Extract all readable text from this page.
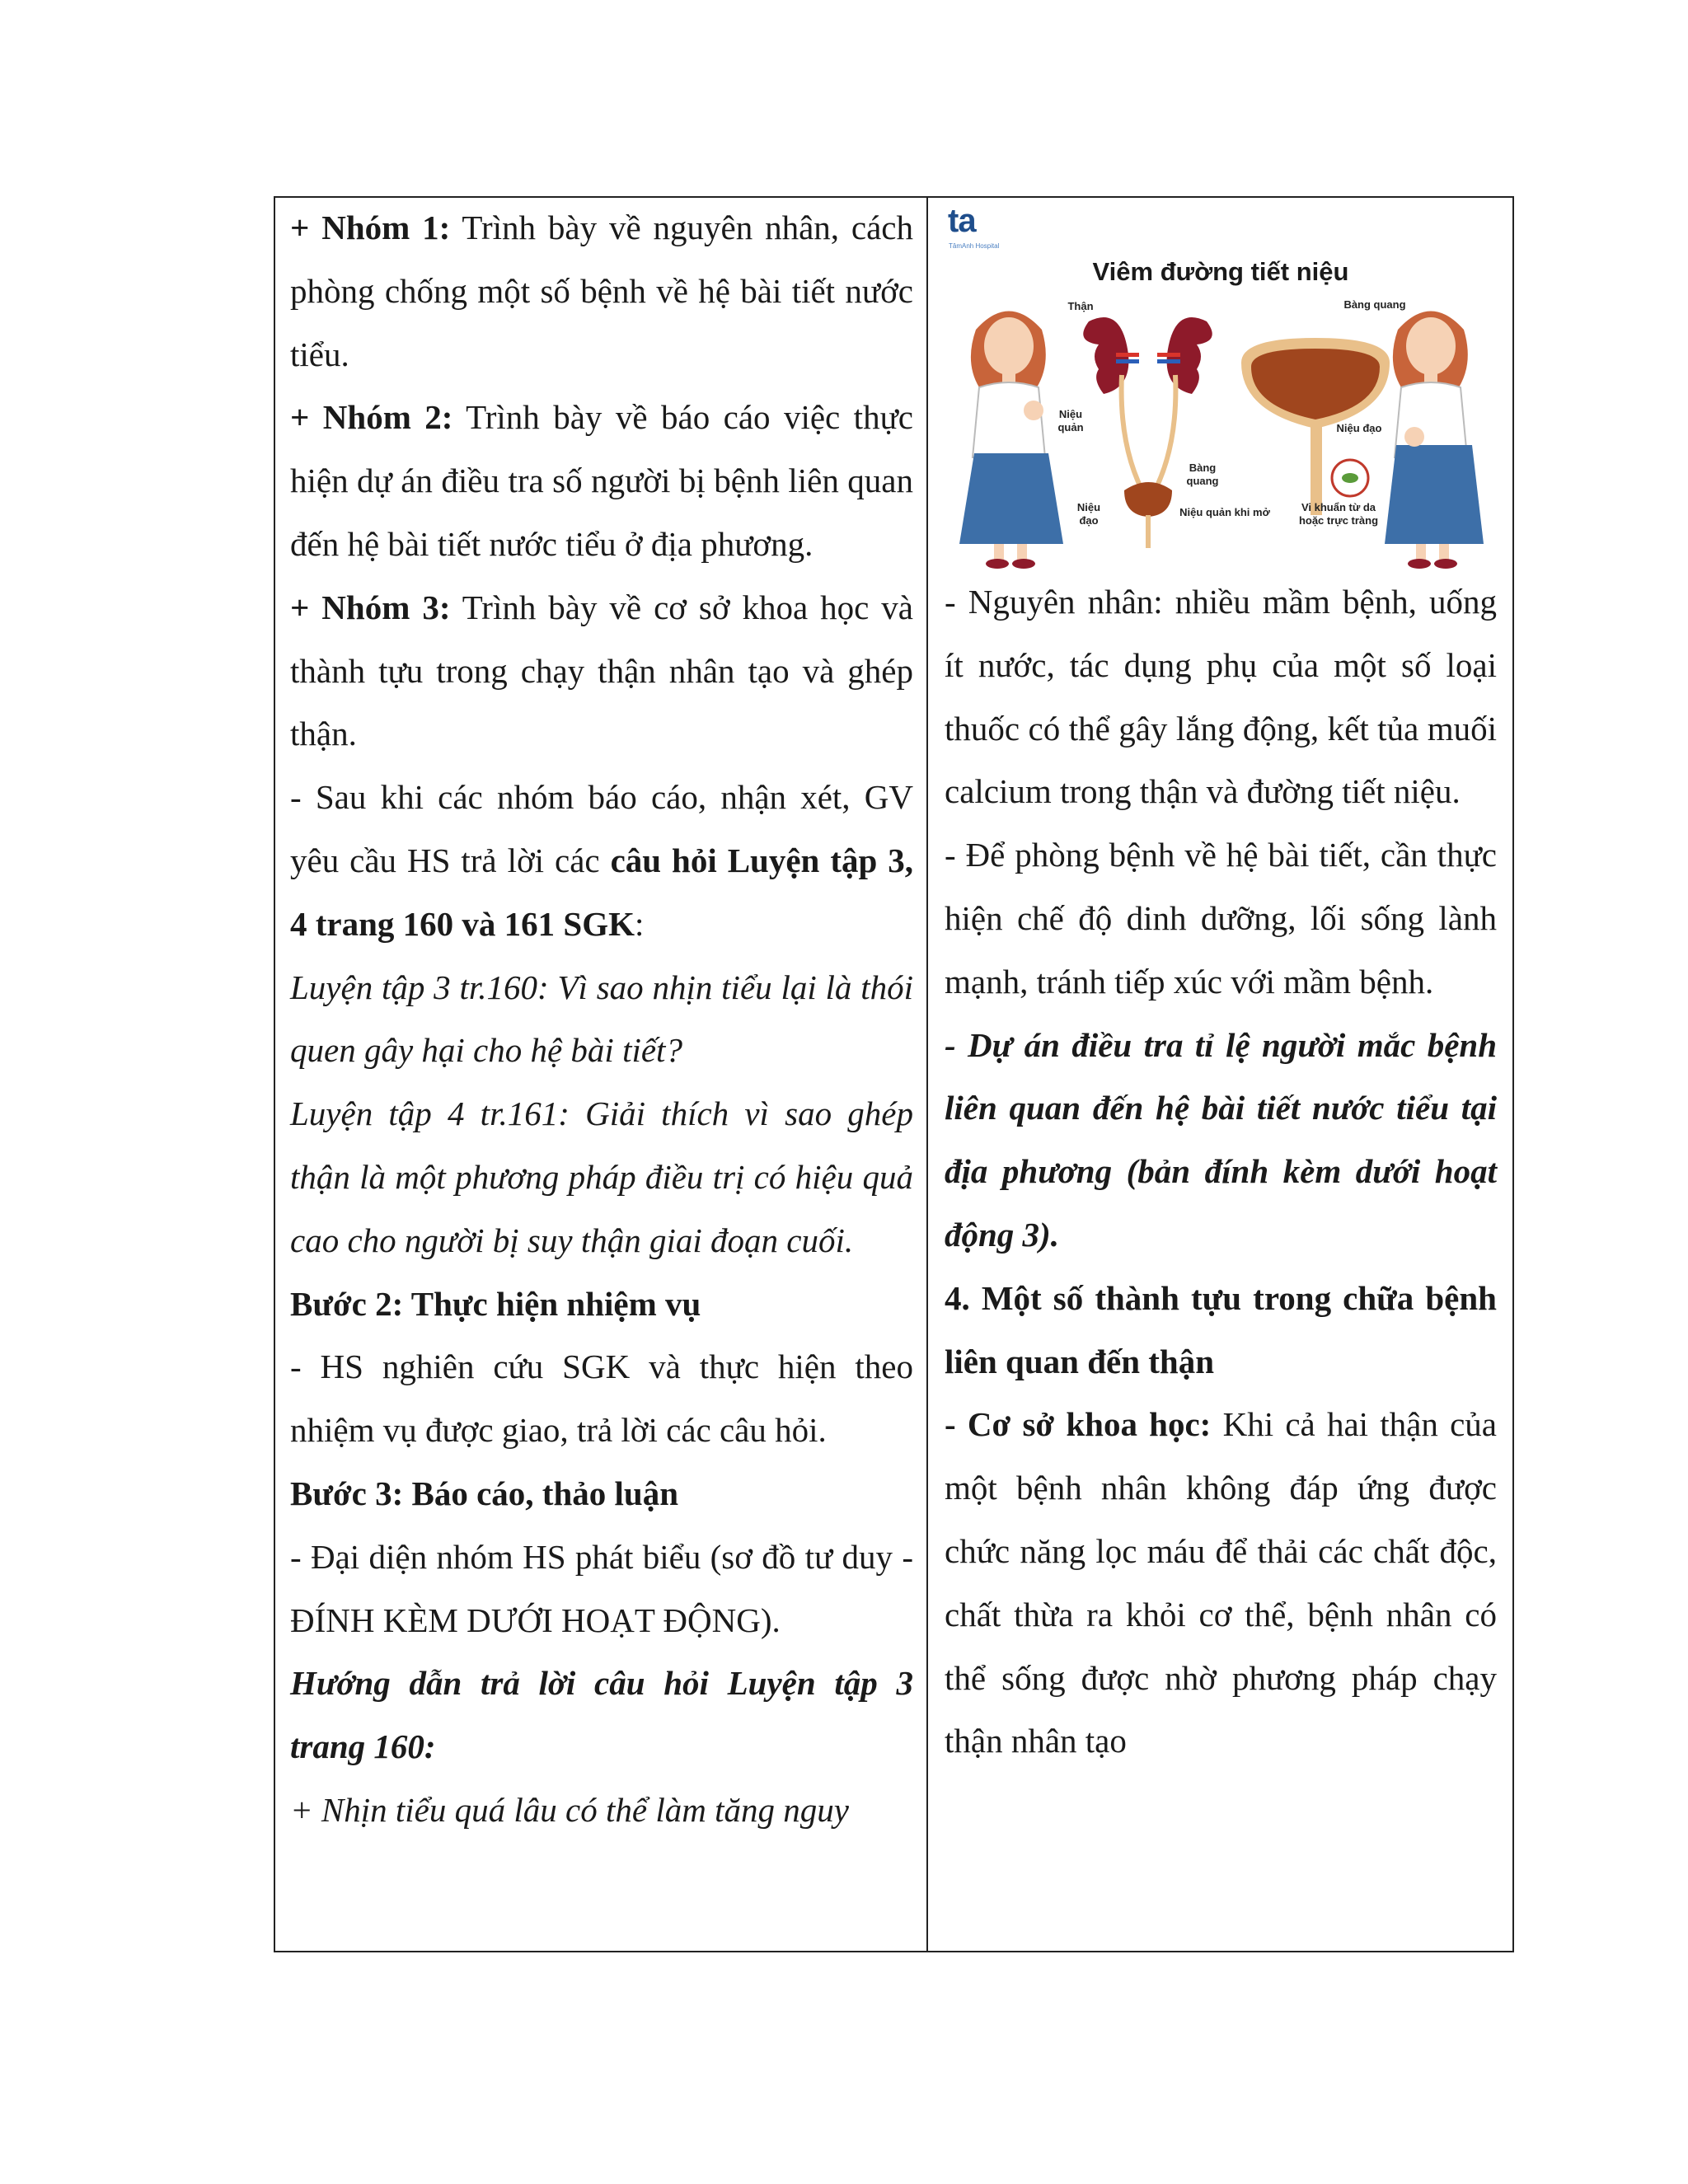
+ Nhóm 1: Trình bày về nguyên nhân, cách phòng chống một số bệnh về hệ bài tiết nước tiểu.

+ Nhóm 2: Trình bày về báo cáo việc thực hiện dự án điều tra số người bị bệnh liên quan đến hệ bài tiết nước tiểu ở địa phương.

+ Nhóm 3: Trình bày về cơ sở khoa học và thành tựu trong chạy thận nhân tạo và ghép thận.

- Sau khi các nhóm báo cáo, nhận xét, GV yêu cầu HS trả lời các câu hỏi Luyện tập 3, 4 trang 160 và 161 SGK:

Luyện tập 3 tr.160: Vì sao nhịn tiểu lại là thói quen gây hại cho hệ bài tiết?

Luyện tập 4 tr.161: Giải thích vì sao ghép thận là một phương pháp điều trị có hiệu quả cao cho người bị suy thận giai đoạn cuối.

Bước 2: Thực hiện nhiệm vụ

- HS nghiên cứu SGK và thực hiện theo nhiệm vụ được giao, trả lời các câu hỏi.

Bước 3: Báo cáo, thảo luận

- Đại diện nhóm HS phát biểu (sơ đồ tư duy - ĐÍNH KÈM DƯỚI HOẠT ĐỘNG).

Hướng dẫn trả lời câu hỏi Luyện tập 3 trang 160:

+ Nhịn tiểu quá lâu có thể làm tăng nguy

ta
TâmAnh Hospital
Viêm đường tiết niệu
Thận	Bàng quang
Niệu quản	Niệu đạo
Bàng quang
Niệu đạo
Niệu quản khi mở	Vi khuẩn từ da hoặc trực tràng

- Nguyên nhân: nhiều mầm bệnh, uống ít nước, tác dụng phụ của một số loại thuốc có thể gây lắng động, kết tủa muối calcium trong thận và đường tiết niệu.

- Để phòng bệnh về hệ bài tiết, cần thực hiện chế độ dinh dưỡng, lối sống lành mạnh, tránh tiếp xúc với mầm bệnh.

- Dự án điều tra tỉ lệ người mắc bệnh liên quan đến hệ bài tiết nước tiểu tại địa phương (bản đính kèm dưới hoạt động 3).

4. Một số thành tựu trong chữa bệnh liên quan đến thận

- Cơ sở khoa học: Khi cả hai thận của một bệnh nhân không đáp ứng được chức năng lọc máu để thải các chất độc, chất thừa ra khỏi cơ thể, bệnh nhân có thể sống được nhờ phương pháp chạy thận nhân tạo
